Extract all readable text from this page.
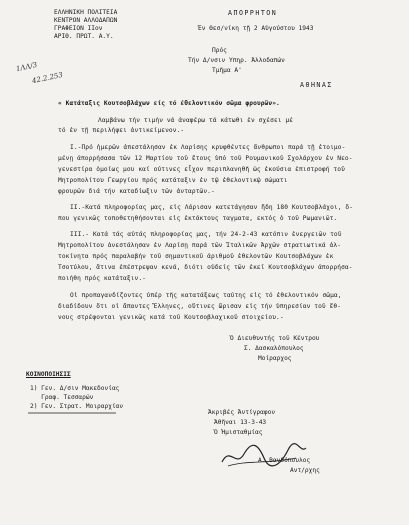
ΕΛΛΗΝΙΚΗ ΠΟΛΙΤΕΙΑ
ΚΕΝΤΡΟΝ ΑΛΛΟΔΑΠΩΝ
ΓΡΑΦΕΙΟΝ ΙΙον
ΑΡΙΘ. ΠΡΩΤ. Α.Υ.
ΑΠΟΡΡΗΤΟΝ
Έν Θεσ/νίκη τῇ 2 Αὐγούστου 1943
1ΛΛ/3
42.2.253
Πρός
Τήν Δ/νσιν Υπηρ. Άλλοδαπών
Τμῆμα Α'
ΑΘΗΝΑΣ
« Κατάταξις Κουτσοβλάχων είς τό έθελοντικόν σῶμα φρουρῶν».
Λαμβάνω τήν τιμήν νά ἀναφέρω τά κάτωθι ἐν σχέσει μέ
τό ἐν τῇ περιλήψει ἀντικείμενον.-
Ι.-Πρό ἡμερῶν ἀπεστάλησαν ἐκ Λαρίσης κρυφθέντες ἄνθρωποι παρά τῇ ἑτοιμο-
μένῃ ἀπορρήσασα τῶν 12 Μαρτίου τοῦ ἔτους ὑπό τοῦ Ρουμανικοῦ Σχολάρχου ἐν Νεο-
γενεστίρα ὁμοίως μου καί ούτινες εἶχον περιπλανηθῆ ὡς ἑκούσια ἐπιστροφή τοῦ
Μητροπολίτου Γεωργίου πρός κατάταξιν ἐν τῷ ἐθελοντικῷ σώματι
φρουρῶν διά τήν καταδίωξιν τῶν ἀνταρτῶν.-
ΙΙ.-Κατά πληροφορίας μας, εἰς Λάρισαν κατετάγησαν ἤδη 180 Κουτσοβλάχοι, ὅ-
που γενικῶς τοποθετηθήσονται εἰς ἐκτάκτους ταγματα, εκτός ὁ τοῦ Ρωμανιῶτ.
ΙΙΙ.- Κατά τάς αὐτάς πληροφορίας μας, τήν 24-2-43 κατόπιν ἐνεργειῶν τοῦ
Μητροπολίτου ἀνεστάλησαν ἐν Λαρίσῃ παρά τῶν Ἰταλικῶν Ἀρχῶν στρατιωτικά ἀλ-
τοκίνητα πρός παραλαβήν τοῦ σημαντικοῦ ἀριθμοῦ ἐθελοντῶν Κουτσοβλάχων ἐκ
Τσοτύλου, ἅτινα ἐπέστρεψαν κενά, διότι οὐδείς τῶν ἐκεῖ Κουτσοβλάχων ἀπορρήσα-
ποιήθη πρός κατάταξιν.-
Οἱ προπαγανδίζοντες ὑπέρ τῆς κατατάξεως ταύτης εἰς τό ἐθελοντικόν σῶμα,
διαδίδουν ὅτι οἱ ἄπαντες Ἕλληνες, οὕτινες ὤρισαν εἰς τήν ὑπηρεσίαν τοῦ ἔθ-
νους στρέφονται γενικῶς κατά τοῦ Κουτσοβλαχικοῦ στοιχείου.-
Ὁ Διευθυντής τοῦ Κέντρου
Σ. Δασκαλόπουλος
Μοίραρχος
ΚΟΙΝΟΠΟΙΗΣΙΣ
1) Γεν. Δ/σιν Μακεδονίας
Γραφ. Τεσσαρών
2) Γεν. Στρατ. Μοιραρχίαν
Ἀκριβές Ἀντίγραφον
Ἀθῆναι 13-3-43
Ὁ Ἡμισταθμίας
Α. Βανδόπουλος
Αντ/ρχης
